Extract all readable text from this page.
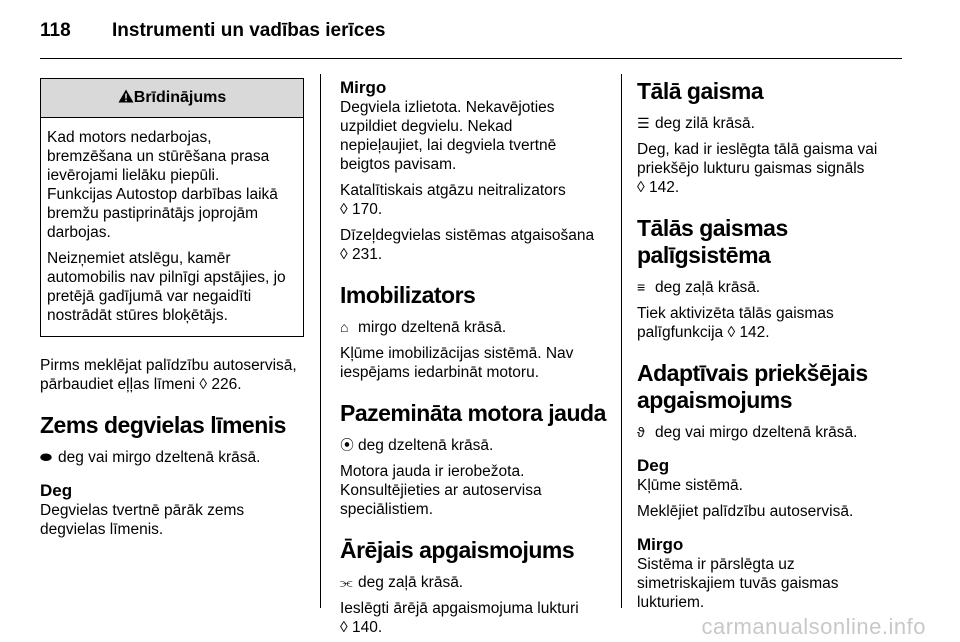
118 Instrumenti un vadības ierīces
Brīdinājums

Kad motors nedarbojas,
bremzēšana un stūrēšana prasa
ievērojami lielāku piepūli.
Funkcijas Autostop darbības laikā
bremžu pastiprinātājs joprojām
darbojas.

Neizņemiet atslēgu, kamēr
automobilis nav pilnīgi apstājies, jo
pretējā gadījumā var negaidīti
nostrādāt stūres bloķētājs.

Pirms meklējat palīdzību autoservisā,
pārbaudiet eļļas līmeni ◊ 226.

Zems degvielas līmenis

⬬ deg vai mirgo dzeltenā krāsā.

Deg

Degvielas tvertnē pārāk zems
degvielas līmenis.

Mirgo

Degviela izlietota. Nekavējoties
uzpildiet degvielu. Nekad
nepieļaujiet, lai degviela tvertnē
beigtos pavisam.

Katalītiskais atgāzu neitralizators
◊ 170.

Dīzeļdegvielas sistēmas atgaisošana
◊ 231.

Imobilizators

⌂ mirgo dzeltenā krāsā.

Kļūme imobilizācijas sistēmā. Nav
iespējams iedarbināt motoru.

Pazemināta motora jauda

⦿ deg dzeltenā krāsā.

Motora jauda ir ierobežota.
Konsultējieties ar autoservisa
speciālistiem.

Ārējais apgaismojums

⫘ deg zaļā krāsā.

Ieslēgti ārējā apgaismojuma lukturi
◊ 140.

Tālā gaisma

☰ deg zilā krāsā.

Deg, kad ir ieslēgta tālā gaisma vai
priekšējo lukturu gaismas signāls
◊ 142.

Tālās gaismas
palīgsistēma

≡ deg zaļā krāsā.

Tiek aktivizēta tālās gaismas
palīgfunkcija ◊ 142.

Adaptīvais priekšējais
apgaismojums

ϑ deg vai mirgo dzeltenā krāsā.

Deg

Kļūme sistēmā.

Meklējiet palīdzību autoservisā.

Mirgo

Sistēma ir pārslēgta uz
simetriskajiem tuvās gaismas
lukturiem.

carmanualsonline.info
